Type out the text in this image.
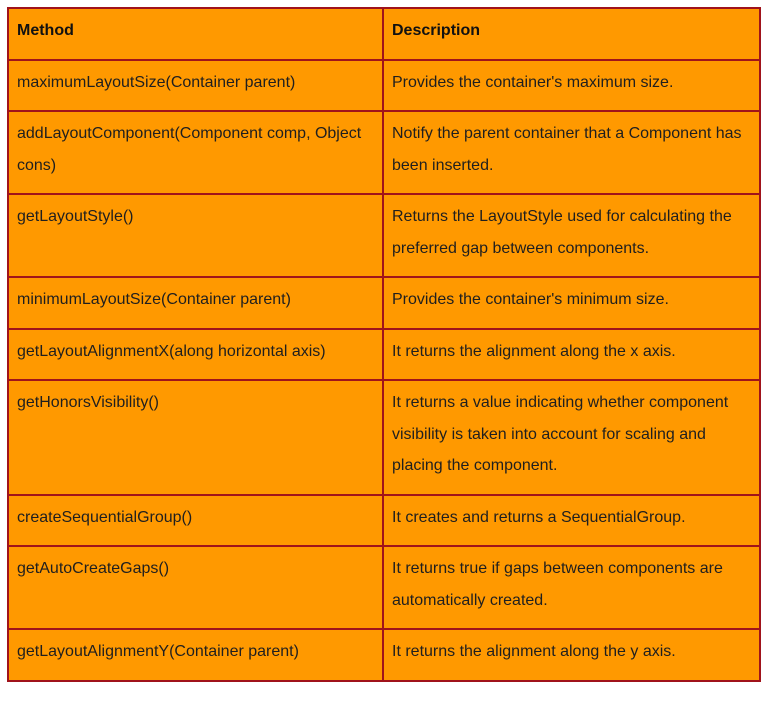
Method	Description
maximumLayoutSize(Container parent)	Provides the container's maximum size.
addLayoutComponent(Component comp, Object cons)	Notify the parent container that a Component has been inserted.
getLayoutStyle()	Returns the LayoutStyle used for calculating the preferred gap between components.
minimumLayoutSize(Container parent)	Provides the container's minimum size.
getLayoutAlignmentX(along horizontal axis)	It returns the alignment along the x axis.
getHonorsVisibility()	It returns a value indicating whether component visibility is taken into account for scaling and placing the component.
createSequentialGroup()	It creates and returns a SequentialGroup.
getAutoCreateGaps()	It returns true if gaps between components are automatically created.
getLayoutAlignmentY(Container parent)	It returns the alignment along the y axis.
